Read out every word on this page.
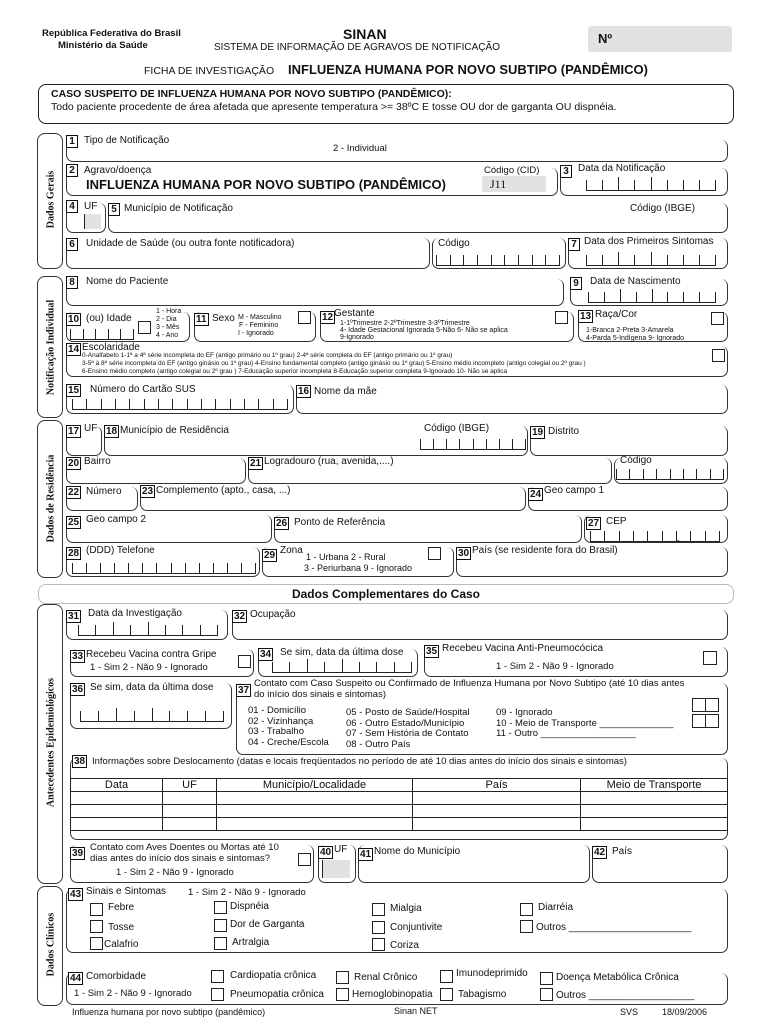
República Federativa do Brasil
Ministério da Saúde
SINAN
SISTEMA DE INFORMAÇÃO DE AGRAVOS DE NOTIFICAÇÃO
Nº
FICHA DE INVESTIGAÇÃO INFLUENZA HUMANA POR NOVO SUBTIPO (PANDÊMICO)
CASO SUSPEITO DE INFLUENZA HUMANA POR NOVO SUBTIPO (PANDÊMICO):
Todo paciente procedente de área afetada que apresente temperatura >= 38ºC E tosse OU dor de garganta OU dispnéia.
Dados Gerais
Notificação Individual
Dados de Residência
Antecedentes Epidemiológicos
Dados Clínicos
1 Tipo de Notificação
2 - Individual
2 Agravo/doença
INFLUENZA HUMANA POR NOVO SUBTIPO (PANDÊMICO)
Código (CID)
J11
3 Data da Notificação
4 UF	5 Município de Notificação	Código (IBGE)
6	Unidade de Saúde (ou outra fonte notificadora)	Código	7 Data dos Primeiros Sintomas
8	Nome do Paciente	9	Data de Nascimento
10 (ou) Idade
1 - Hora
2 - Dia
3 - Mês
4 - Ano
11 Sexo M - Masculino
F - Feminino
I - Ignorado
12 Gestante
1-1ºTrimestre 2-2ºTrimestre 3-3ºTrimestre
4- Idade Gestacional Ignorada 5-Não 6- Não se aplica
9-Ignorado
13 Raça/Cor
1-Branca 2-Preta 3-Amarela
4-Parda 5-Indígena 9- Ignorado
14 Escolaridade
0-Analfabeto 1-1ª a 4ª série incompleta do EF (antigo primário ou 1º grau) 2-4ª série completa do EF (antigo primário ou 1º grau)
3-5ª à 8ª série incompleta do EF (antigo ginásio ou 1º grau) 4-Ensino fundamental completo (antigo ginásio ou 1º grau) 5-Ensino médio incompleto (antigo colegial ou 2º grau )
6-Ensino médio completo (antigo colegial ou 2º grau ) 7-Educação superior incompleta 8-Educação superior completa 9-Ignorado 10- Não se aplica
15 Número do Cartão SUS	16 Nome da mãe
17 UF 18 Município de Residência	Código (IBGE)	19 Distrito
20 Bairro	21 Logradouro (rua, avenida,....)	Código
22 Número 23 Complemento (apto., casa, ...)	24 Geo campo 1
25 Geo campo 2	26 Ponto de Referência	27 CEP
-
28 (DDD) Telefone	29 Zona
1 - Urbana 2 - Rural
3 - Periurbana 9 - Ignorado
30 País (se residente fora do Brasil)
Dados Complementares do Caso
31 Data da Investigação	32 Ocupação
33 Recebeu Vacina contra Gripe
1 - Sim 2 - Não 9 - Ignorado
34 Se sim, data da última dose 35 Recebeu Vacina Anti-Pneumocócica
1 - Sim 2 - Não 9 - Ignorado
36 Se sim, data da última dose 37
Contato com Caso Suspeito ou Confirmado de Influenza Humana por Novo Subtipo (até 10 dias antes
do início dos sinais e sintomas)
01 - Domicílio
02 - Vizinhança
03 - Trabalho
04 - Creche/Escola
05 - Posto de Saúde/Hospital
06 - Outro Estado/Município
07 - Sem História de Contato
08 - Outro País
09 - Ignorado
10 - Meio de Transporte ______________
11 - Outro __________________
38 Informações sobre Deslocamento (datas e locais freqüentados no período de até 10 dias antes do início dos sinais e sintomas)
Data	UF	Município/Localidade	País	Meio de Transporte

39
Contato com Aves Doentes ou Mortas até 10
dias antes do início dos sinais e sintomas?
1 - Sim 2 - Não 9 - Ignorado
40 UF 41 Nome do Município	42 País
43 Sinais e Sintomas 1 - Sim 2 - Não 9 - Ignorado
Febre
Tosse
Calafrio
Dispnéia
Dor de Garganta
Artralgia
Mialgia
Conjuntivite
Coriza
Diarréia
Outros ______________________
44 Comorbidade
1 - Sim 2 - Não 9 - Ignorado
Cardiopatia crônica
Pneumopatia crônica
Renal Crônico
Hemoglobinopatia
Imunodeprimido
Tabagismo
Doença Metabólica Crônica
Outros ___________________
Influenza humana por novo subtipo (pandêmico)	Sinan NET	SVS	18/09/2006
